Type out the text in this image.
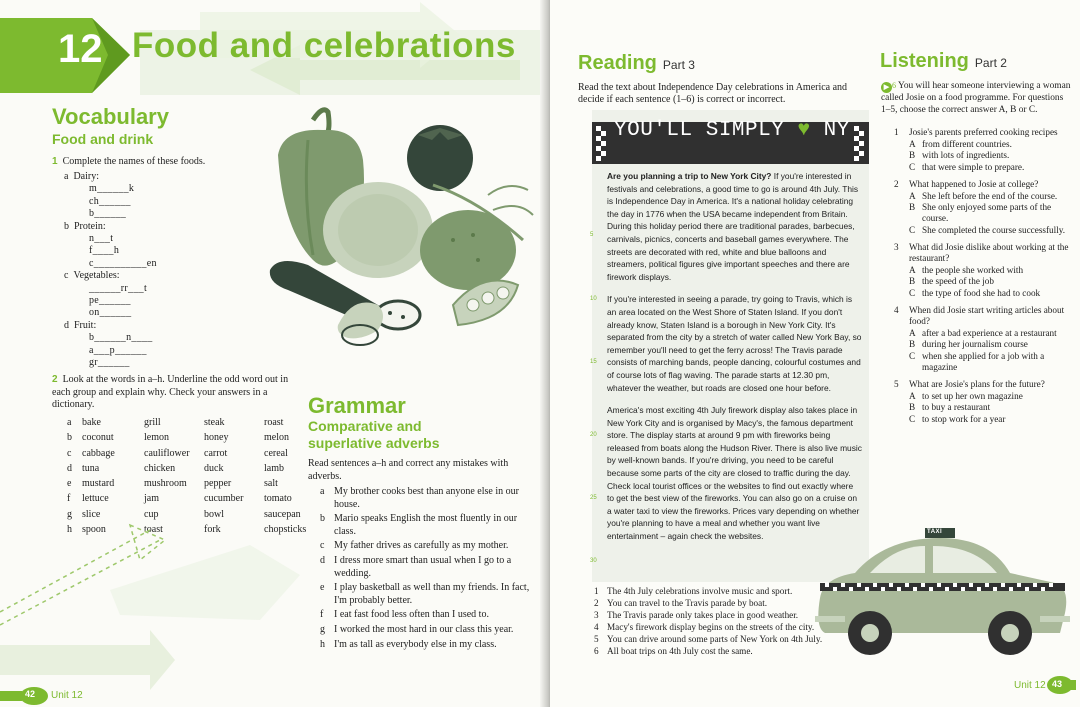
12 Food and celebrations
Vocabulary
Food and drink
1 Complete the names of these foods.
a Dairy:
m______k
ch______
b______
b Protein:
n___t
f____h
c__________en
c Vegetables:
______rr___t
pe______
on______
d Fruit:
b______n____
a___p______
gr______
2 Look at the words in a–h. Underline the odd word out in each group and explain why. Check your answers in a dictionary.
a	bake	grill	steak	roast
b	coconut	lemon	honey	melon
c	cabbage	cauliflower	carrot	cereal
d	tuna	chicken	duck	lamb
e	mustard	mushroom	pepper	salt
f	lettuce	jam	cucumber	tomato
g	slice	cup	bowl	saucepan
h	spoon	toast	fork	chopsticks
Grammar
Comparative and
superlative adverbs
Read sentences a–h and correct any mistakes with adverbs.
a My brother cooks best than anyone else in our house.
b Mario speaks English the most fluently in our class.
c My father drives as carefully as my mother.
d I dress more smart than usual when I go to a wedding.
e I play basketball as well than my friends. In fact, I'm probably better.
f	I eat fast food less often than I used to.
g I worked the most hard in our class this year.
h I'm as tall as everybody else in my class.
42 Unit 12
Reading Part 3
Read the text about Independence Day celebrations in America and decide if each sentence (1–6) is correct or incorrect.
YOU'LL SIMPLY ♥ NY

Are you planning a trip to New York City? If you're interested in festivals and celebrations, a good time to go is around 4th July. This is Independence Day in America. It's a national holiday celebrating the day in 1776 when the USA became independent from Britain. During this holiday period there are traditional parades, barbecues, carnivals, picnics, concerts and baseball games everywhere. The streets are decorated with red, white and blue balloons and streamers, political figures give important speeches and there are firework displays.
5

If you're interested in seeing a parade, try going to Travis, which is an area located on the West Shore of Staten Island. If you don't already know, Staten Island is a borough in New York City. It's separated from the city by a stretch of water called New York Bay, so remember you'll need to get the ferry across! The Travis parade consists of marching bands, people dancing, colourful costumes and of course lots of flag waving. The parade starts at 12.30 pm, whatever the weather, but roads are closed one hour before.
10
15

America's most exciting 4th July firework display also takes place in New York City and is organised by Macy's, the famous department store. The display starts at around 9 pm with fireworks being released from boats along the Hudson River. There is also live music by well-known bands. If you're driving, you need to be careful because some parts of the city are closed to traffic during the day. Check local tourist offices or the websites to find out exactly where to get the best view of the fireworks. You can also go on a cruise on a water taxi to view the fireworks. Prices vary depending on whether you're planning to have a meal and whether you want live entertainment – again check the websites.
20
25
30

TAXI
1 The 4th July celebrations involve music and sport.
2 You can travel to the Travis parade by boat.
3 The Travis parade only takes place in good weather.
4 Macy's firework display begins on the streets of the city.
5 You can drive around some parts of New York on 4th July.
6 All boat trips on 4th July cost the same.
Listening Part 2
▶ 6 You will hear someone interviewing a woman called Josie on a food programme. For questions 1–5, choose the correct answer A, B or C.
1	Josie's parents preferred cooking recipes
A from different countries.
B with lots of ingredients.
C that were simple to prepare.
2	What happened to Josie at college?
A She left before the end of the course.
B She only enjoyed some parts of the course.
C She completed the course successfully.
3	What did Josie dislike about working at the restaurant?
A the people she worked with
B the speed of the job
C the type of food she had to cook
4	When did Josie start writing articles about food?
A after a bad experience at a restaurant
B during her journalism course
C when she applied for a job with a magazine
5	What are Josie's plans for the future?
A to set up her own magazine
B to buy a restaurant
C to stop work for a year
Unit 12 43
